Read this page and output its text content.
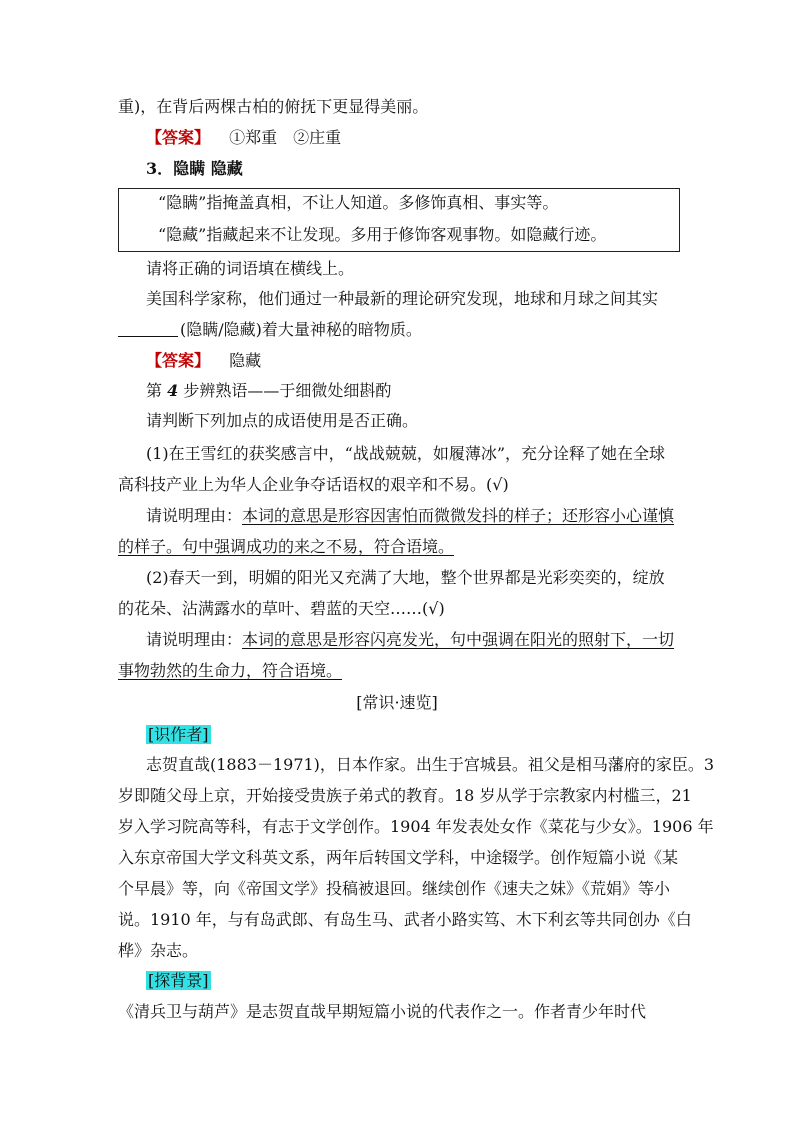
重)，在背后两棵古柏的俯抚下更显得美丽。
【答案】 ①郑重　②庄重
3．隐瞒 隐藏
“隐瞒”指掩盖真相，不让人知道。多修饰真相、事实等。
“隐藏”指藏起来不让发现。多用于修饰客观事物。如隐藏行迹。
请将正确的词语填在横线上。
美国科学家称，他们通过一种最新的理论研究发现，地球和月球之间其实
(隐瞒/隐藏)着大量神秘的暗物质。
【答案】 隐藏
第 4 步辨熟语——于细微处细斟酌
请判断下列加点的成语使用是否正确。
(1)在王雪红的获奖感言中，“战战兢兢，如履薄冰”，充分诠释了她在全球
高科技产业上为华人企业争夺话语权的艰辛和不易。(√)
请说明理由：本词的意思是形容因害怕而微微发抖的样子；还形容小心谨慎
的样子。句中强调成功的来之不易，符合语境。
(2)春天一到，明媚的阳光又充满了大地，整个世界都是光彩奕奕的，绽放
的花朵、沾满露水的草叶、碧蓝的天空……(√)
请说明理由：本词的意思是形容闪亮发光，句中强调在阳光的照射下，一切
事物勃然的生命力，符合语境。
[常识·速览]
[识作者]
志贺直哉(1883－1971)，日本作家。出生于宫城县。祖父是相马藩府的家臣。3
岁即随父母上京，开始接受贵族子弟式的教育。18 岁从学于宗教家内村槛三，21
岁入学习院高等科，有志于文学创作。1904 年发表处女作《菜花与少女》。1906 年
入东京帝国大学文科英文系，两年后转国文学科，中途辍学。创作短篇小说《某
个早晨》等，向《帝国文学》投稿被退回。继续创作《速夫之妹》《荒娟》等小
说。1910 年，与有岛武郎、有岛生马、武者小路实笃、木下利玄等共同创办《白
桦》杂志。
[探背景]
《清兵卫与葫芦》是志贺直哉早期短篇小说的代表作之一。作者青少年时代
